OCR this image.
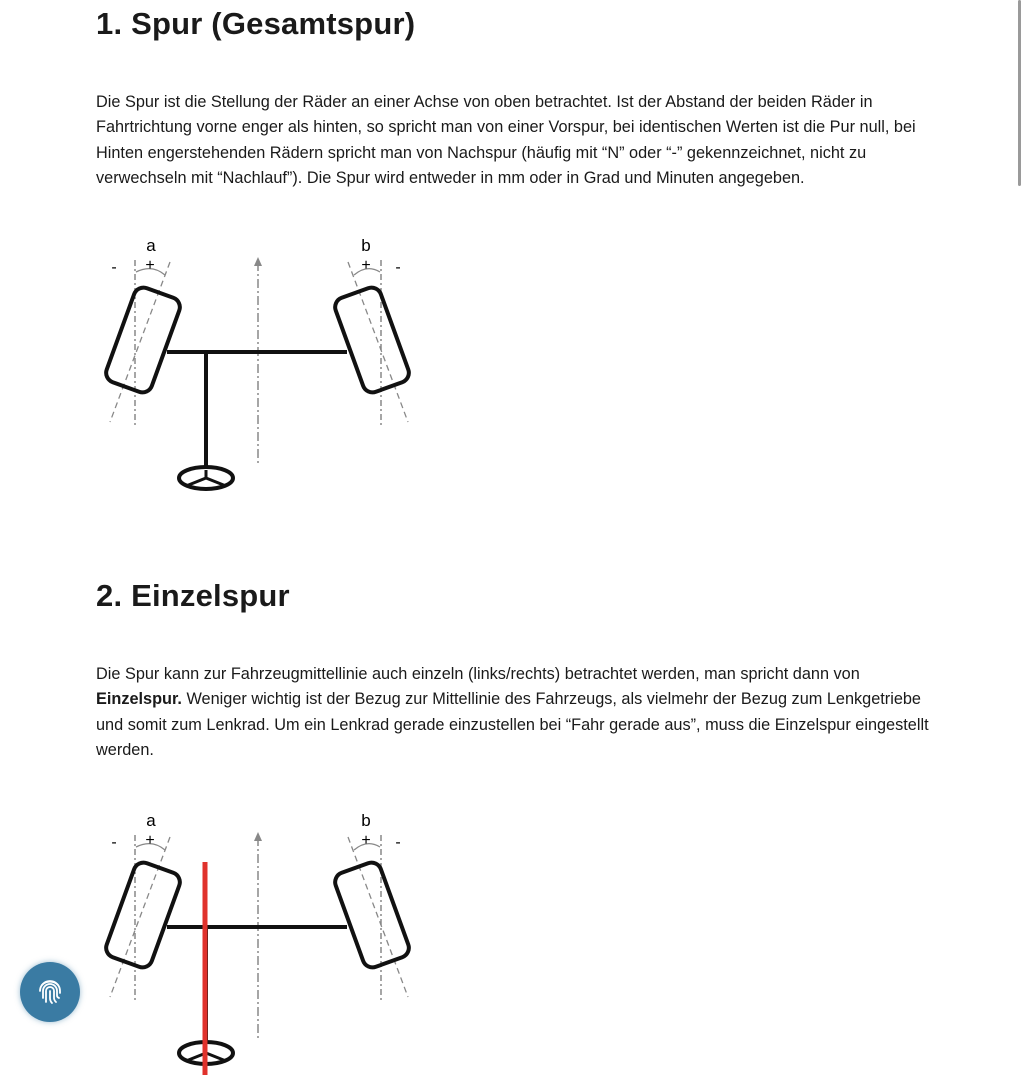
1. Spur (Gesamtspur)

Die Spur ist die Stellung der Räder an einer Achse von oben betrachtet. Ist der Abstand der beiden Räder in Fahrtrichtung vorne enger als hinten, so spricht man von einer Vorspur, bei identischen Werten ist die Pur null, bei Hinten engerstehenden Rädern spricht man von Nachspur (häufig mit “N” oder “-” gekennzeichnet, nicht zu verwechseln mit “Nachlauf”). Die Spur wird entweder in mm oder in Grad und Minuten angegeben.

a	b
+
-	+ -
2. Einzelspur

Die Spur kann zur Fahrzeugmittellinie auch einzeln (links/rechts) betrachtet werden, man spricht dann von Einzelspur. Weniger wichtig ist der Bezug zur Mittellinie des Fahrzeugs, als vielmehr der Bezug zum Lenkgetriebe und somit zum Lenkrad. Um ein Lenkrad gerade einzustellen bei “Fahr gerade aus”, muss die Einzelspur eingestellt werden.

a	b
+
-	+ -
